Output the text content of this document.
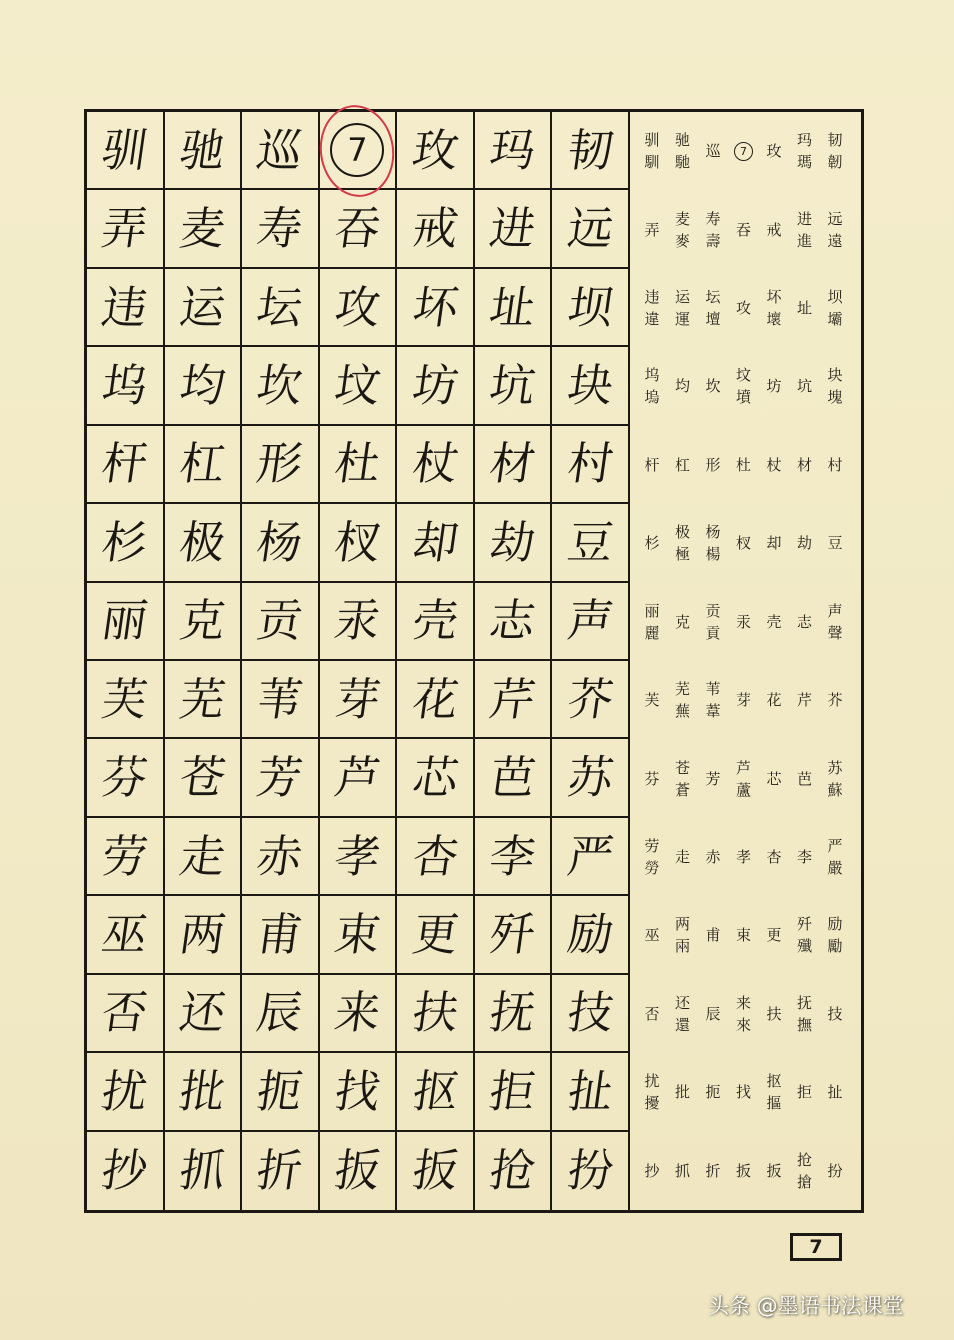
驯 驰 巡	7 玫 玛 韧
弄 麦 寿 吞 戒 进 远
违 运 坛 攻 坏 址 坝
坞 均 坎 坟 坊 坑 块
杆 杠 形 杜 杖 材 村
杉 极 杨 杈 却 劫 豆
丽 克 贡 汞 壳 志 声
芙 芜 苇 芽 花 芹 芥
芬 苍 芳 芦 芯 芭 苏
劳 走 赤 孝 杏 李 严
巫 两 甫 束 更 歼 励
否 还 辰 来 扶 抚 技
扰 批 扼 找 抠 拒 扯
抄 抓 折 扳 扳 抢 扮
韧
韌
玛
瑪
玫
7
巡
驰
馳
驯
馴
远
遠
进
進
戒
吞
寿
壽
麦
麥
弄
坝
壩
址
坏
壞
攻
坛
壇
运
運
违
違
块
塊
坑
坊
坟
墳
坎
均
坞
塢
村
材
杖
杜
形
杠
杆
豆
劫
却
杈
杨
楊
极
極
杉
声
聲
志
壳
汞
贡
貢
克
丽
麗
芥
芹
花
芽
苇
葦
芜
蕪
芙
苏
蘇
芭
芯
芦
蘆
芳
苍
蒼
芬
严
嚴
李
杏
孝
赤
走
劳
勞
励
勵
歼
殲
更
束
甫
两
兩
巫
技
抚
撫
扶
来
來
辰
还
還
否
扯
拒
抠
摳
找
扼
批
扰
擾
扮
抢
搶
扳
扳
折
抓
抄
7
头条 @墨语书法课堂
